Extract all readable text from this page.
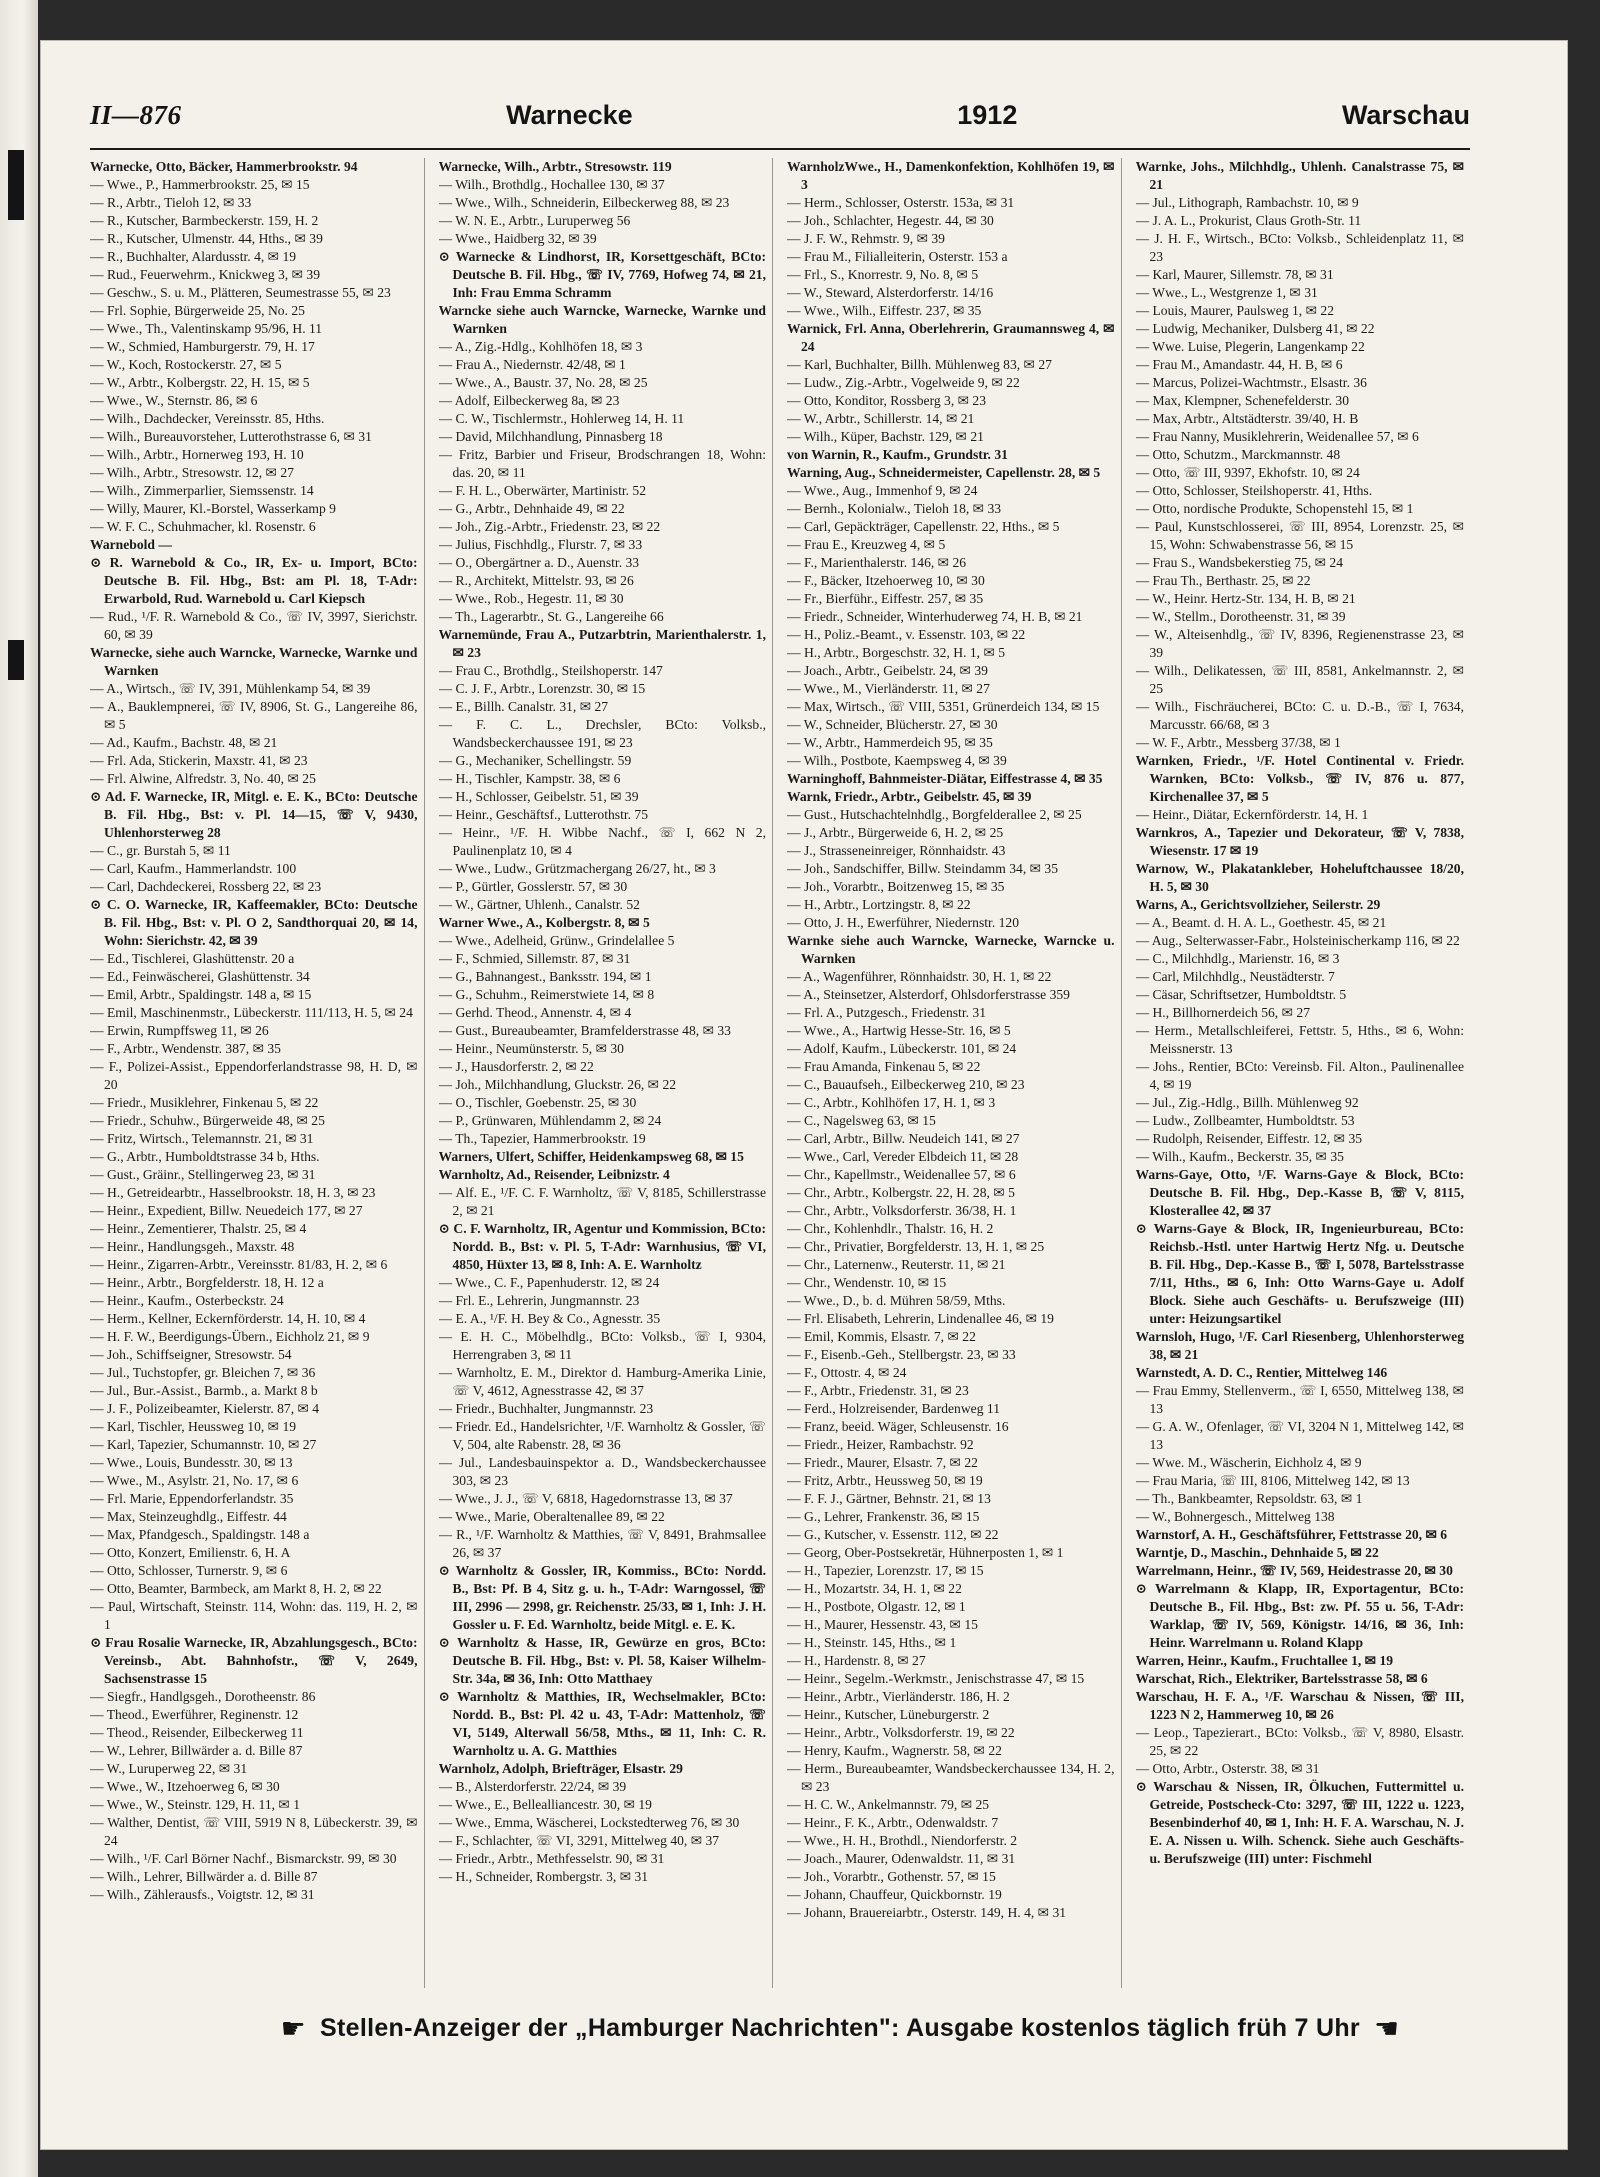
II—876	Warnecke	1912	Warschau
Warnecke, Otto, Bäcker, Hammerbrookstr. 94
— Wwe., P., Hammerbrookstr. 25, ✉ 15
— R., Arbtr., Tieloh 12, ✉ 33
— R., Kutscher, Barmbeckerstr. 159, H. 2
— R., Kutscher, Ulmenstr. 44, Hths., ✉ 39
— R., Buchhalter, Alardusstr. 4, ✉ 19
— Rud., Feuerwehrm., Knickweg 3, ✉ 39
— Geschw., S. u. M., Plätteren, Seumestrasse 55, ✉ 23
— Frl. Sophie, Bürgerweide 25, No. 25
— Wwe., Th., Valentinskamp 95/96, H. 11
— W., Schmied, Hamburgerstr. 79, H. 17
— W., Koch, Rostockerstr. 27, ✉ 5
— W., Arbtr., Kolbergstr. 22, H. 15, ✉ 5
— Wwe., W., Sternstr. 86, ✉ 6
— Wilh., Dachdecker, Vereinsstr. 85, Hths.
— Wilh., Bureauvorsteher, Lutterothstrasse 6, ✉ 31
— Wilh., Arbtr., Hornerweg 193, H. 10
— Wilh., Arbtr., Stresowstr. 12, ✉ 27
— Wilh., Zimmerparlier, Siemssenstr. 14
— Willy, Maurer, Kl.-Borstel, Wasserkamp 9
— W. F. C., Schuhmacher, kl. Rosenstr. 6
Warnebold —
⊙ R. Warnebold & Co., IR, Ex- u. Import, BCto: Deutsche B. Fil. Hbg., Bst: am Pl. 18, T-Adr: Erwarbold, Rud. Warnebold u. Carl Kiepsch
— Rud., ¹/F. R. Warnebold & Co., ☏ IV, 3997, Sierichstr. 60, ✉ 39
Warnecke, siehe auch Warncke, Warnecke, Warnke und Warnken
— A., Wirtsch., ☏ IV, 391, Mühlenkamp 54, ✉ 39
— A., Bauklempnerei, ☏ IV, 8906, St. G., Langereihe 86, ✉ 5
— Ad., Kaufm., Bachstr. 48, ✉ 21
— Frl. Ada, Stickerin, Maxstr. 41, ✉ 23
— Frl. Alwine, Alfredstr. 3, No. 40, ✉ 25
⊙ Ad. F. Warnecke, IR, Mitgl. e. E. K., BCto: Deutsche B. Fil. Hbg., Bst: v. Pl. 14—15, ☏ V, 9430, Uhlenhorsterweg 28
— C., gr. Burstah 5, ✉ 11
— Carl, Kaufm., Hammerlandstr. 100
— Carl, Dachdeckerei, Rossberg 22, ✉ 23
⊙ C. O. Warnecke, IR, Kaffeemakler, BCto: Deutsche B. Fil. Hbg., Bst: v. Pl. O 2, Sandthorquai 20, ✉ 14, Wohn: Sierichstr. 42, ✉ 39
— Ed., Tischlerei, Glashüttenstr. 20 a
— Ed., Feinwäscherei, Glashüttenstr. 34
— Emil, Arbtr., Spaldingstr. 148 a, ✉ 15
— Emil, Maschinenmstr., Lübeckerstr. 111/113, H. 5, ✉ 24
— Erwin, Rumpffsweg 11, ✉ 26
— F., Arbtr., Wendenstr. 387, ✉ 35
— F., Polizei-Assist., Eppendorferlandstrasse 98, H. D, ✉ 20
— Friedr., Musiklehrer, Finkenau 5, ✉ 22
— Friedr., Schuhw., Bürgerweide 48, ✉ 25
— Fritz, Wirtsch., Telemannstr. 21, ✉ 31
— G., Arbtr., Humboldtstrasse 34 b, Hths.
— Gust., Gräinr., Stellingerweg 23, ✉ 31
— H., Getreidearbtr., Hasselbrookstr. 18, H. 3, ✉ 23
— Heinr., Expedient, Billw. Neuedeich 177, ✉ 27
— Heinr., Zementierer, Thalstr. 25, ✉ 4
— Heinr., Handlungsgeh., Maxstr. 48
— Heinr., Zigarren-Arbtr., Vereinsstr. 81/83, H. 2, ✉ 6
— Heinr., Arbtr., Borgfelderstr. 18, H. 12 a
— Heinr., Kaufm., Osterbeckstr. 24
— Herm., Kellner, Eckernförderstr. 14, H. 10, ✉ 4
— H. F. W., Beerdigungs-Übern., Eichholz 21, ✉ 9
— Joh., Schiffseigner, Stresowstr. 54
— Jul., Tuchstopfer, gr. Bleichen 7, ✉ 36
— Jul., Bur.-Assist., Barmb., a. Markt 8 b
— J. F., Polizeibeamter, Kielerstr. 87, ✉ 4
— Karl, Tischler, Heussweg 10, ✉ 19
— Karl, Tapezier, Schumannstr. 10, ✉ 27
— Wwe., Louis, Bundesstr. 30, ✉ 13
— Wwe., M., Asylstr. 21, No. 17, ✉ 6
— Frl. Marie, Eppendorferlandstr. 35
— Max, Steinzeughdlg., Eiffestr. 44
— Max, Pfandgesch., Spaldingstr. 148 a
— Otto, Konzert, Emilienstr. 6, H. A
— Otto, Schlosser, Turnerstr. 9, ✉ 6
— Otto, Beamter, Barmbeck, am Markt 8, H. 2, ✉ 22
— Paul, Wirtschaft, Steinstr. 114, Wohn: das. 119, H. 2, ✉ 1
⊙ Frau Rosalie Warnecke, IR, Abzahlungsgesch., BCto: Vereinsb., Abt. Bahnhofstr., ☏ V, 2649, Sachsenstrasse 15
— Siegfr., Handlgsgeh., Dorotheenstr. 86
— Theod., Ewerführer, Reginenstr. 12
— Theod., Reisender, Eilbeckerweg 11
— W., Lehrer, Billwärder a. d. Bille 87
— W., Luruperweg 22, ✉ 31
— Wwe., W., Itzehoerweg 6, ✉ 30
— Wwe., W., Steinstr. 129, H. 11, ✉ 1
— Walther, Dentist, ☏ VIII, 5919 N 8, Lübeckerstr. 39, ✉ 24
— Wilh., ¹/F. Carl Börner Nachf., Bismarckstr. 99, ✉ 30
— Wilh., Lehrer, Billwärder a. d. Bille 87
— Wilh., Zählerausfs., Voigtstr. 12, ✉ 31
Warnecke, Wilh., Arbtr., Stresowstr. 119
— Wilh., Brothdlg., Hochallee 130, ✉ 37
— Wwe., Wilh., Schneiderin, Eilbeckerweg 88, ✉ 23
— W. N. E., Arbtr., Luruperweg 56
— Wwe., Haidberg 32, ✉ 39
⊙ Warnecke & Lindhorst, IR, Korsettgeschäft, BCto: Deutsche B. Fil. Hbg., ☏ IV, 7769, Hofweg 74, ✉ 21, Inh: Frau Emma Schramm
Warncke siehe auch Warncke, Warnecke, Warnke und Warnken
— A., Zig.-Hdlg., Kohlhöfen 18, ✉ 3
— Frau A., Niedernstr. 42/48, ✉ 1
— Wwe., A., Baustr. 37, No. 28, ✉ 25
— Adolf, Eilbeckerweg 8a, ✉ 23
— C. W., Tischlermstr., Hohlerweg 14, H. 11
— David, Milchhandlung, Pinnasberg 18
— Fritz, Barbier und Friseur, Brodschrangen 18, Wohn: das. 20, ✉ 11
— F. H. L., Oberwärter, Martinistr. 52
— G., Arbtr., Dehnhaide 49, ✉ 22
— Joh., Zig.-Arbtr., Friedenstr. 23, ✉ 22
— Julius, Fischhdlg., Flurstr. 7, ✉ 33
— O., Obergärtner a. D., Auenstr. 33
— R., Architekt, Mittelstr. 93, ✉ 26
— Wwe., Rob., Hegestr. 11, ✉ 30
— Th., Lagerarbtr., St. G., Langereihe 66
Warnemünde, Frau A., Putzarbtrin, Marienthalerstr. 1, ✉ 23
— Frau C., Brothdlg., Steilshoperstr. 147
— C. J. F., Arbtr., Lorenzstr. 30, ✉ 15
— E., Billh. Canalstr. 31, ✉ 27
— F. C. L., Drechsler, BCto: Volksb., Wandsbeckerchaussee 191, ✉ 23
— G., Mechaniker, Schellingstr. 59
— H., Tischler, Kampstr. 38, ✉ 6
— H., Schlosser, Geibelstr. 51, ✉ 39
— Heinr., Geschäftsf., Lutterothstr. 75
— Heinr., ¹/F. H. Wibbe Nachf., ☏ I, 662 N 2, Paulinenplatz 10, ✉ 4
— Wwe., Ludw., Grützmachergang 26/27, ht., ✉ 3
— P., Gürtler, Gosslerstr. 57, ✉ 30
— W., Gärtner, Uhlenh., Canalstr. 52
Warner Wwe., A., Kolbergstr. 8, ✉ 5
— Wwe., Adelheid, Grünw., Grindelallee 5
— F., Schmied, Sillemstr. 87, ✉ 31
— G., Bahnangest., Banksstr. 194, ✉ 1
— G., Schuhm., Reimerstwiete 14, ✉ 8
— Gerhd. Theod., Annenstr. 4, ✉ 4
— Gust., Bureaubeamter, Bramfelderstrasse 48, ✉ 33
— Heinr., Neumünsterstr. 5, ✉ 30
— J., Hausdorferstr. 2, ✉ 22
— Joh., Milchhandlung, Gluckstr. 26, ✉ 22
— O., Tischler, Goebenstr. 25, ✉ 30
— P., Grünwaren, Mühlendamm 2, ✉ 24
— Th., Tapezier, Hammerbrookstr. 19
Warners, Ulfert, Schiffer, Heidenkampsweg 68, ✉ 15
Warnholtz, Ad., Reisender, Leibnizstr. 4
— Alf. E., ¹/F. C. F. Warnholtz, ☏ V, 8185, Schillerstrasse 2, ✉ 21
⊙ C. F. Warnholtz, IR, Agentur und Kommission, BCto: Nordd. B., Bst: v. Pl. 5, T-Adr: Warnhusius, ☏ VI, 4850, Hüxter 13, ✉ 8, Inh: A. E. Warnholtz
— Wwe., C. F., Papenhuderstr. 12, ✉ 24
— Frl. E., Lehrerin, Jungmannstr. 23
— E. A., ¹/F. H. Bey & Co., Agnesstr. 35
— E. H. C., Möbelhdlg., BCto: Volksb., ☏ I, 9304, Herrengraben 3, ✉ 11
— Warnholtz, E. M., Direktor d. Hamburg-Amerika Linie, ☏ V, 4612, Agnesstrasse 42, ✉ 37
— Friedr., Buchhalter, Jungmannstr. 23
— Friedr. Ed., Handelsrichter, ¹/F. Warnholtz & Gossler, ☏ V, 504, alte Rabenstr. 28, ✉ 36
— Jul., Landesbauinspektor a. D., Wandsbeckerchaussee 303, ✉ 23
— Wwe., J. J., ☏ V, 6818, Hagedornstrasse 13, ✉ 37
— Wwe., Marie, Oberaltenallee 89, ✉ 22
— R., ¹/F. Warnholtz & Matthies, ☏ V, 8491, Brahmsallee 26, ✉ 37
⊙ Warnholtz & Gossler, IR, Kommiss., BCto: Nordd. B., Bst: Pf. B 4, Sitz g. u. h., T-Adr: Warngossel, ☏ III, 2996 — 2998, gr. Reichenstr. 25/33, ✉ 1, Inh: J. H. Gossler u. F. Ed. Warnholtz, beide Mitgl. e. E. K.
⊙ Warnholtz & Hasse, IR, Gewürze en gros, BCto: Deutsche B. Fil. Hbg., Bst: v. Pl. 58, Kaiser Wilhelm-Str. 34a, ✉ 36, Inh: Otto Matthaey
⊙ Warnholtz & Matthies, IR, Wechselmakler, BCto: Nordd. B., Bst: Pl. 42 u. 43, T-Adr: Mattenholz, ☏ VI, 5149, Alterwall 56/58, Mths., ✉ 11, Inh: C. R. Warnholtz u. A. G. Matthies
Warnholz, Adolph, Briefträger, Elsastr. 29
— B., Alsterdorferstr. 22/24, ✉ 39
— Wwe., E., Bellealliancestr. 30, ✉ 19
— Wwe., Emma, Wäscherei, Lockstedterweg 76, ✉ 30
— F., Schlachter, ☏ VI, 3291, Mittelweg 40, ✉ 37
— Friedr., Arbtr., Methfesselstr. 90, ✉ 31
— H., Schneider, Rombergstr. 3, ✉ 31
WarnholzWwe., H., Damenkonfektion, Kohlhöfen 19, ✉ 3
— Herm., Schlosser, Osterstr. 153a, ✉ 31
— Joh., Schlachter, Hegestr. 44, ✉ 30
— J. F. W., Rehmstr. 9, ✉ 39
— Frau M., Filialleiterin, Osterstr. 153 a
— Frl., S., Knorrestr. 9, No. 8, ✉ 5
— W., Steward, Alsterdorferstr. 14/16
— Wwe., Wilh., Eiffestr. 237, ✉ 35
Warnick, Frl. Anna, Oberlehrerin, Graumannsweg 4, ✉ 24
— Karl, Buchhalter, Billh. Mühlenweg 83, ✉ 27
— Ludw., Zig.-Arbtr., Vogelweide 9, ✉ 22
— Otto, Konditor, Rossberg 3, ✉ 23
— W., Arbtr., Schillerstr. 14, ✉ 21
— Wilh., Küper, Bachstr. 129, ✉ 21
von Warnin, R., Kaufm., Grundstr. 31
Warning, Aug., Schneidermeister, Capellenstr. 28, ✉ 5
— Wwe., Aug., Immenhof 9, ✉ 24
— Bernh., Kolonialw., Tieloh 18, ✉ 33
— Carl, Gepäckträger, Capellenstr. 22, Hths., ✉ 5
— Frau E., Kreuzweg 4, ✉ 5
— F., Marienthalerstr. 146, ✉ 26
— F., Bäcker, Itzehoerweg 10, ✉ 30
— Fr., Bierführ., Eiffestr. 257, ✉ 35
— Friedr., Schneider, Winterhuderweg 74, H. B, ✉ 21
— H., Poliz.-Beamt., v. Essenstr. 103, ✉ 22
— H., Arbtr., Borgeschstr. 32, H. 1, ✉ 5
— Joach., Arbtr., Geibelstr. 24, ✉ 39
— Wwe., M., Vierländerstr. 11, ✉ 27
— Max, Wirtsch., ☏ VIII, 5351, Grünerdeich 134, ✉ 15
— W., Schneider, Blücherstr. 27, ✉ 30
— W., Arbtr., Hammerdeich 95, ✉ 35
— Wilh., Postbote, Kaempsweg 4, ✉ 39
Warninghoff, Bahnmeister-Diätar, Eiffestrasse 4, ✉ 35
Warnk, Friedr., Arbtr., Geibelstr. 45, ✉ 39
— Gust., Hutschachtelnhdlg., Borgfelderallee 2, ✉ 25
— J., Arbtr., Bürgerweide 6, H. 2, ✉ 25
— J., Strasseneinreiger, Rönnhaidstr. 43
— Joh., Sandschiffer, Billw. Steindamm 34, ✉ 35
— Joh., Vorarbtr., Boitzenweg 15, ✉ 35
— H., Arbtr., Lortzingstr. 8, ✉ 22
— Otto, J. H., Ewerführer, Niedernstr. 120
Warnke siehe auch Warncke, Warnecke, Warncke u. Warnken
— A., Wagenführer, Rönnhaidstr. 30, H. 1, ✉ 22
— A., Steinsetzer, Alsterdorf, Ohlsdorferstrasse 359
— Frl. A., Putzgesch., Friedenstr. 31
— Wwe., A., Hartwig Hesse-Str. 16, ✉ 5
— Adolf, Kaufm., Lübeckerstr. 101, ✉ 24
— Frau Amanda, Finkenau 5, ✉ 22
— C., Bauaufseh., Eilbeckerweg 210, ✉ 23
— C., Arbtr., Kohlhöfen 17, H. 1, ✉ 3
— C., Nagelsweg 63, ✉ 15
— Carl, Arbtr., Billw. Neudeich 141, ✉ 27
— Wwe., Carl, Vereder Elbdeich 11, ✉ 28
— Chr., Kapellmstr., Weidenallee 57, ✉ 6
— Chr., Arbtr., Kolbergstr. 22, H. 28, ✉ 5
— Chr., Arbtr., Volksdorferstr. 36/38, H. 1
— Chr., Kohlenhdlr., Thalstr. 16, H. 2
— Chr., Privatier, Borgfelderstr. 13, H. 1, ✉ 25
— Chr., Laternenw., Reuterstr. 11, ✉ 21
— Chr., Wendenstr. 10, ✉ 15
— Wwe., D., b. d. Mühren 58/59, Mths.
— Frl. Elisabeth, Lehrerin, Lindenallee 46, ✉ 19
— Emil, Kommis, Elsastr. 7, ✉ 22
— F., Eisenb.-Geh., Stellbergstr. 23, ✉ 33
— F., Ottostr. 4, ✉ 24
— F., Arbtr., Friedenstr. 31, ✉ 23
— Ferd., Holzreisender, Bardenweg 11
— Franz, beeid. Wäger, Schleusenstr. 16
— Friedr., Heizer, Rambachstr. 92
— Friedr., Maurer, Elsastr. 7, ✉ 22
— Fritz, Arbtr., Heussweg 50, ✉ 19
— F. F. J., Gärtner, Behnstr. 21, ✉ 13
— G., Lehrer, Frankenstr. 36, ✉ 15
— G., Kutscher, v. Essenstr. 112, ✉ 22
— Georg, Ober-Postsekretär, Hühnerposten 1, ✉ 1
— H., Tapezier, Lorenzstr. 17, ✉ 15
— H., Mozartstr. 34, H. 1, ✉ 22
— H., Postbote, Olgastr. 12, ✉ 1
— H., Maurer, Hessenstr. 43, ✉ 15
— H., Steinstr. 145, Hths., ✉ 1
— H., Hardenstr. 8, ✉ 27
— Heinr., Segelm.-Werkmstr., Jenischstrasse 47, ✉ 15
— Heinr., Arbtr., Vierländerstr. 186, H. 2
— Heinr., Kutscher, Lüneburgerstr. 2
— Heinr., Arbtr., Volksdorferstr. 19, ✉ 22
— Henry, Kaufm., Wagnerstr. 58, ✉ 22
— Herm., Bureaubeamter, Wandsbeckerchaussee 134, H. 2, ✉ 23
— H. C. W., Ankelmannstr. 79, ✉ 25
— Heinr., F. K., Arbtr., Odenwaldstr. 7
— Wwe., H. H., Brothdl., Niendorferstr. 2
— Joach., Maurer, Odenwaldstr. 11, ✉ 31
— Joh., Vorarbtr., Gothenstr. 57, ✉ 15
— Johann, Chauffeur, Quickbornstr. 19
— Johann, Brauereiarbtr., Osterstr. 149, H. 4, ✉ 31
Warnke, Johs., Milchhdlg., Uhlenh. Canalstrasse 75, ✉ 21
— Jul., Lithograph, Rambachstr. 10, ✉ 9
— J. A. L., Prokurist, Claus Groth-Str. 11
— J. H. F., Wirtsch., BCto: Volksb., Schleidenplatz 11, ✉ 23
— Karl, Maurer, Sillemstr. 78, ✉ 31
— Wwe., L., Westgrenze 1, ✉ 31
— Louis, Maurer, Paulsweg 1, ✉ 22
— Ludwig, Mechaniker, Dulsberg 41, ✉ 22
— Wwe. Luise, Plegerin, Langenkamp 22
— Frau M., Amandastr. 44, H. B, ✉ 6
— Marcus, Polizei-Wachtmstr., Elsastr. 36
— Max, Klempner, Schenefelderstr. 30
— Max, Arbtr., Altstädterstr. 39/40, H. B
— Frau Nanny, Musiklehrerin, Weidenallee 57, ✉ 6
— Otto, Schutzm., Marckmannstr. 48
— Otto, ☏ III, 9397, Ekhofstr. 10, ✉ 24
— Otto, Schlosser, Steilshoperstr. 41, Hths.
— Otto, nordische Produkte, Schopenstehl 15, ✉ 1
— Paul, Kunstschlosserei, ☏ III, 8954, Lorenzstr. 25, ✉ 15, Wohn: Schwabenstrasse 56, ✉ 15
— Frau S., Wandsbekerstieg 75, ✉ 24
— Frau Th., Berthastr. 25, ✉ 22
— W., Heinr. Hertz-Str. 134, H. B, ✉ 21
— W., Stellm., Dorotheenstr. 31, ✉ 39
— W., Alteisenhdlg., ☏ IV, 8396, Regienenstrasse 23, ✉ 39
— Wilh., Delikatessen, ☏ III, 8581, Ankelmannstr. 2, ✉ 25
— Wilh., Fischräucherei, BCto: C. u. D.-B., ☏ I, 7634, Marcusstr. 66/68, ✉ 3
— W. F., Arbtr., Messberg 37/38, ✉ 1
Warnken, Friedr., ¹/F. Hotel Continental v. Friedr. Warnken, BCto: Volksb., ☏ IV, 876 u. 877, Kirchenallee 37, ✉ 5
— Heinr., Diätar, Eckernförderstr. 14, H. 1
Warnkros, A., Tapezier und Dekorateur, ☏ V, 7838, Wiesenstr. 17 ✉ 19
Warnow, W., Plakatankleber, Hoheluftchaussee 18/20, H. 5, ✉ 30
Warns, A., Gerichtsvollzieher, Seilerstr. 29
— A., Beamt. d. H. A. L., Goethestr. 45, ✉ 21
— Aug., Selterwasser-Fabr., Holsteinischerkamp 116, ✉ 22
— C., Milchhdlg., Marienstr. 16, ✉ 3
— Carl, Milchhdlg., Neustädterstr. 7
— Cäsar, Schriftsetzer, Humboldtstr. 5
— H., Billhornerdeich 56, ✉ 27
— Herm., Metallschleiferei, Fettstr. 5, Hths., ✉ 6, Wohn: Meissnerstr. 13
— Johs., Rentier, BCto: Vereinsb. Fil. Alton., Paulinenallee 4, ✉ 19
— Jul., Zig.-Hdlg., Billh. Mühlenweg 92
— Ludw., Zollbeamter, Humboldtstr. 53
— Rudolph, Reisender, Eiffestr. 12, ✉ 35
— Wilh., Kaufm., Beckerstr. 35, ✉ 35
Warns-Gaye, Otto, ¹/F. Warns-Gaye & Block, BCto: Deutsche B. Fil. Hbg., Dep.-Kasse B, ☏ V, 8115, Klosterallee 42, ✉ 37
⊙ Warns-Gaye & Block, IR, Ingenieurbureau, BCto: Reichsb.-Hstl. unter Hartwig Hertz Nfg. u. Deutsche B. Fil. Hbg., Dep.-Kasse B., ☏ I, 5078, Bartelsstrasse 7/11, Hths., ✉ 6, Inh: Otto Warns-Gaye u. Adolf Block. Siehe auch Geschäfts- u. Berufszweige (III) unter: Heizungsartikel
Warnsloh, Hugo, ¹/F. Carl Riesenberg, Uhlenhorsterweg 38, ✉ 21
Warnstedt, A. D. C., Rentier, Mittelweg 146
— Frau Emmy, Stellenverm., ☏ I, 6550, Mittelweg 138, ✉ 13
— G. A. W., Ofenlager, ☏ VI, 3204 N 1, Mittelweg 142, ✉ 13
— Wwe. M., Wäscherin, Eichholz 4, ✉ 9
— Frau Maria, ☏ III, 8106, Mittelweg 142, ✉ 13
— Th., Bankbeamter, Repsoldstr. 63, ✉ 1
— W., Bohnergesch., Mittelweg 138
Warnstorf, A. H., Geschäftsführer, Fettstrasse 20, ✉ 6
Warntje, D., Maschin., Dehnhaide 5, ✉ 22
Warrelmann, Heinr., ☏ IV, 569, Heidestrasse 20, ✉ 30
⊙ Warrelmann & Klapp, IR, Exportagentur, BCto: Deutsche B., Fil. Hbg., Bst: zw. Pf. 55 u. 56, T-Adr: Warklap, ☏ IV, 569, Königstr. 14/16, ✉ 36, Inh: Heinr. Warrelmann u. Roland Klapp
Warren, Heinr., Kaufm., Fruchtallee 1, ✉ 19
Warschat, Rich., Elektriker, Bartelsstrasse 58, ✉ 6
Warschau, H. F. A., ¹/F. Warschau & Nissen, ☏ III, 1223 N 2, Hammerweg 10, ✉ 26
— Leop., Tapezierart., BCto: Volksb., ☏ V, 8980, Elsastr. 25, ✉ 22
— Otto, Arbtr., Osterstr. 38, ✉ 31
⊙ Warschau & Nissen, IR, Ölkuchen, Futtermittel u. Getreide, Postscheck-Cto: 3297, ☏ III, 1222 u. 1223, Besenbinderhof 40, ✉ 1, Inh: H. F. A. Warschau, N. J. E. A. Nissen u. Wilh. Schenck. Siehe auch Geschäfts- u. Berufszweige (III) unter: Fischmehl
☛ Stellen-Anzeiger der „Hamburger Nachrichten": Ausgabe kostenlos täglich früh 7 Uhr ☚
